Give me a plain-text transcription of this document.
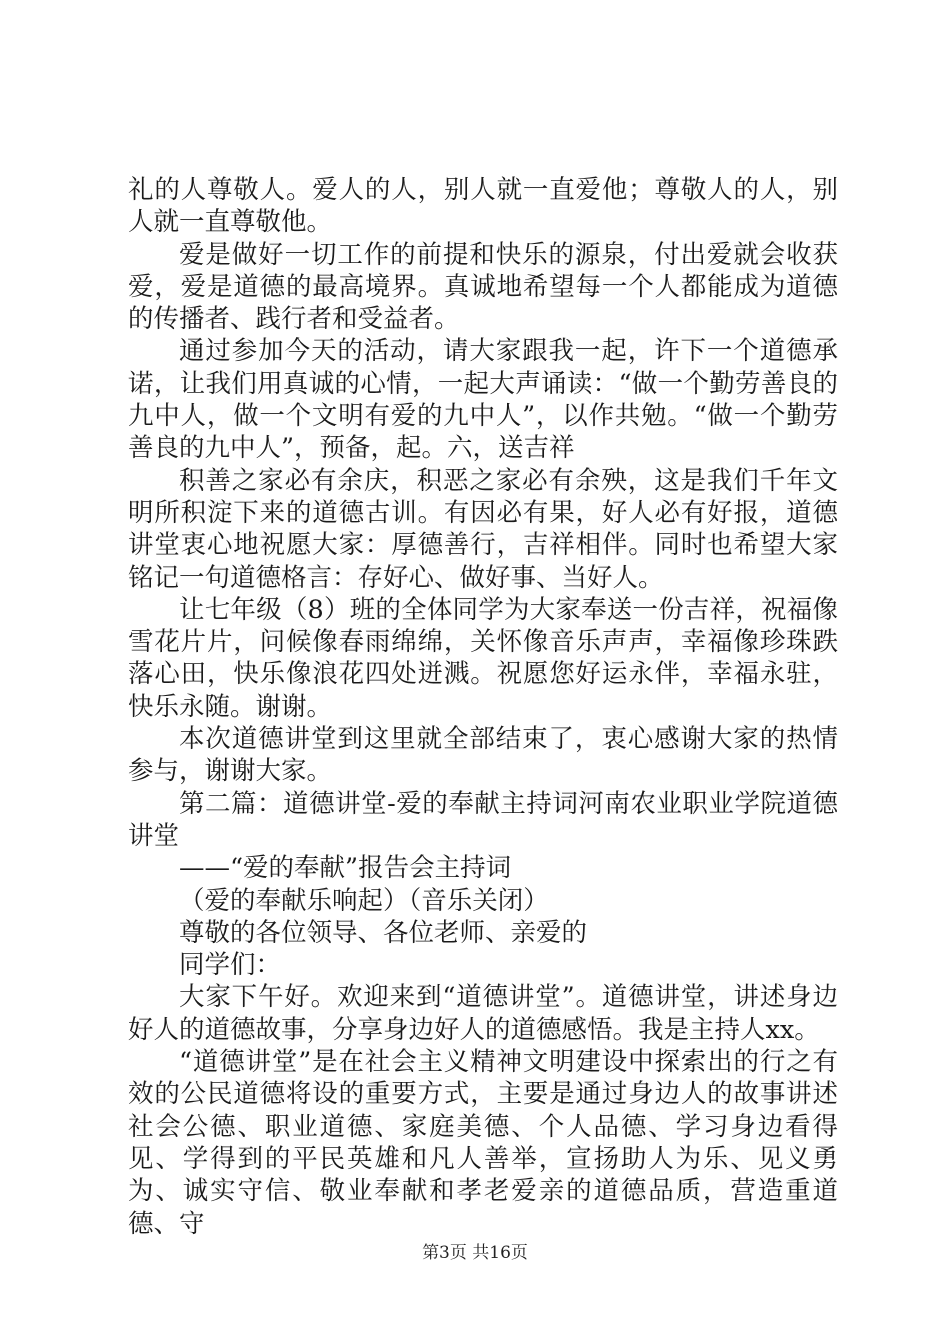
礼的人尊敬人。爱人的人，别人就一直爱他；尊敬人的人，别人就一直尊敬他。

爱是做好一切工作的前提和快乐的源泉，付出爱就会收获爱，爱是道德的最高境界。真诚地希望每一个人都能成为道德的传播者、践行者和受益者。

通过参加今天的活动，请大家跟我一起，许下一个道德承诺，让我们用真诚的心情，一起大声诵读：“做一个勤劳善良的九中人，做一个文明有爱的九中人”，以作共勉。“做一个勤劳善良的九中人”，预备，起。六，送吉祥

积善之家必有余庆，积恶之家必有余殃，这是我们千年文明所积淀下来的道德古训。有因必有果，好人必有好报，道德讲堂衷心地祝愿大家：厚德善行，吉祥相伴。同时也希望大家铭记一句道德格言：存好心、做好事、当好人。

让七年级（8）班的全体同学为大家奉送一份吉祥，祝福像雪花片片，问候像春雨绵绵，关怀像音乐声声，幸福像珍珠跌落心田，快乐像浪花四处迸溅。祝愿您好运永伴，幸福永驻，快乐永随。谢谢。

本次道德讲堂到这里就全部结束了，衷心感谢大家的热情参与，谢谢大家。

第二篇：道德讲堂-爱的奉献主持词河南农业职业学院道德讲堂

——“爱的奉献”报告会主持词

（爱的奉献乐响起）（音乐关闭）

尊敬的各位领导、各位老师、亲爱的

同学们：

大家下午好。欢迎来到“道德讲堂”。道德讲堂，讲述身边好人的道德故事，分享身边好人的道德感悟。我是主持人xx。

“道德讲堂”是在社会主义精神文明建设中探索出的行之有效的公民道德将设的重要方式，主要是通过身边人的故事讲述社会公德、职业道德、家庭美德、个人品德、学习身边看得见、学得到的平民英雄和凡人善举，宣扬助人为乐、见义勇为、诚实守信、敬业奉献和孝老爱亲的道德品质，营造重道德、守

第3页 共16页
